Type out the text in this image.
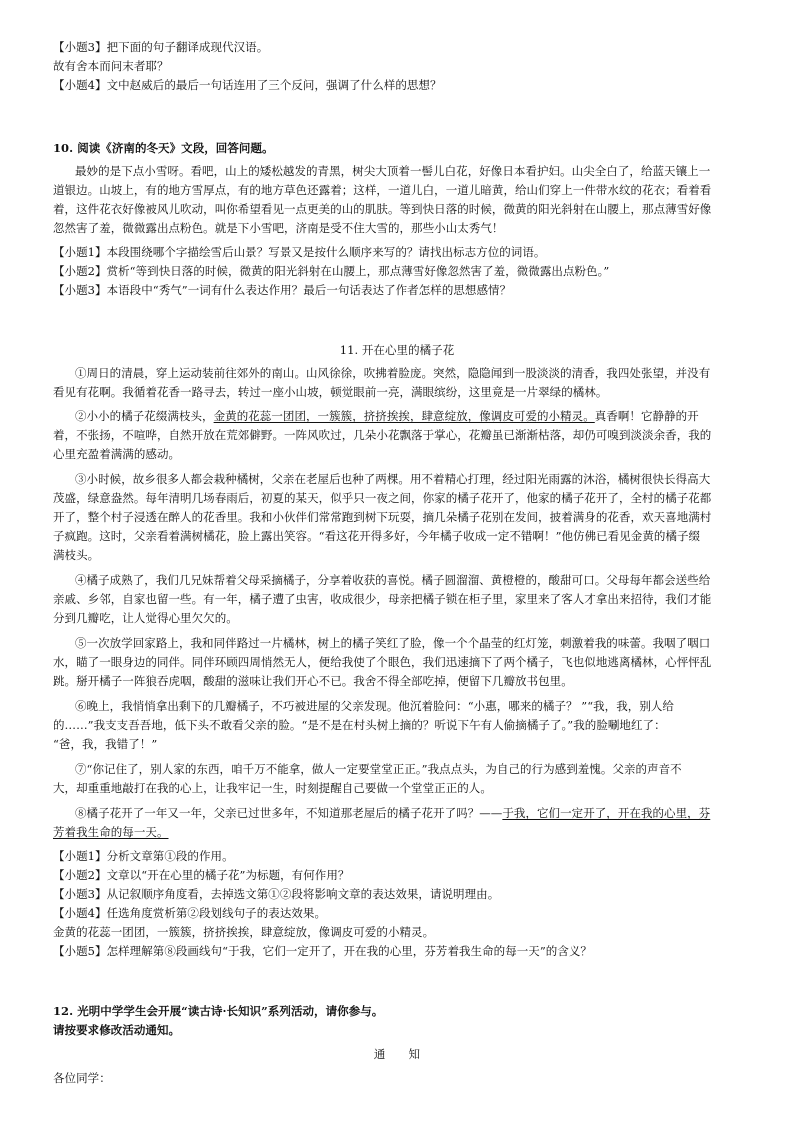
【小题3】把下面的句子翻译成现代汉语。
故有舍本而问末者耶？
【小题4】文中赵威后的最后一句话连用了三个反问，强调了什么样的思想？
10. 阅读《济南的冬天》文段，回答问题。
最妙的是下点小雪呀。看吧，山上的矮松越发的青黑，树尖大顶着一髻儿白花，好像日本看护妇。山尖全白了，给蓝天镶上一
道银边。山坡上，有的地方雪厚点，有的地方草色还露着；这样，一道儿白，一道儿暗黄，给山们穿上一件带水纹的花衣；看着看
着，这件花衣好像被风儿吹动，叫你希望看见一点更美的山的肌肤。等到快日落的时候，微黄的阳光斜射在山腰上，那点薄雪好像
忽然害了羞，微微露出点粉色。就是下小雪吧，济南是受不住大雪的，那些小山太秀气！
【小题1】本段围绕哪个字描绘雪后山景？写景又是按什么顺序来写的？请找出标志方位的词语。
【小题2】赏析“等到快日落的时候，微黄的阳光斜射在山腰上，那点薄雪好像忽然害了羞，微微露出点粉色。”
【小题3】本语段中“秀气”一词有什么表达作用？最后一句话表达了作者怎样的思想感情？
11. 开在心里的橘子花
①周日的清晨，穿上运动装前往郊外的南山。山风徐徐，吹拂着脸庞。突然，隐隐闻到一股淡淡的清香，我四处张望，并没有
看见有花啊。我循着花香一路寻去，转过一座小山坡，顿觉眼前一亮，满眼缤纷，这里竟是一片翠绿的橘林。
②小小的橘子花缀满枝头，金黄的花蕊一团团，一簇簇，挤挤挨挨，肆意绽放，像调皮可爱的小精灵。真香啊！它静静的开
着，不张扬，不喧哗，自然开放在荒郊僻野。一阵风吹过，几朵小花飘落于掌心，花瓣虽已渐渐枯落，却仍可嗅到淡淡余香，我的
心里充盈着满满的感动。
③小时候，故乡很多人都会栽种橘树，父亲在老屋后也种了两棵。用不着精心打理，经过阳光雨露的沐浴，橘树很快长得高大
茂盛，绿意盎然。每年清明几场春雨后，初夏的某天，似乎只一夜之间，你家的橘子花开了，他家的橘子花开了，全村的橘子花都
开了，整个村子浸透在醉人的花香里。我和小伙伴们常常跑到树下玩耍，摘几朵橘子花别在发间，披着满身的花香，欢天喜地满村
子疯跑。这时，父亲看着满树橘花，脸上露出笑容。“看这花开得多好，今年橘子收成一定不错啊！”他仿佛已看见金黄的橘子缀
满枝头。
④橘子成熟了，我们几兄妹帮着父母采摘橘子，分享着收获的喜悦。橘子圆溜溜、黄橙橙的，酸甜可口。父母每年都会送些给
亲戚、乡邻，自家也留一些。有一年，橘子遭了虫害，收成很少，母亲把橘子锁在柜子里，家里来了客人才拿出来招待，我们才能
分到几瓣吃，让人觉得心里欠欠的。
⑤一次放学回家路上，我和同伴路过一片橘林，树上的橘子笑红了脸，像一个个晶莹的红灯笼，刺激着我的味蕾。我咽了咽口
水，瞄了一眼身边的同伴。同伴环顾四周悄然无人，便给我使了个眼色，我们迅速摘下了两个橘子，飞也似地逃离橘林，心怦怦乱
跳。掰开橘子一阵狼吞虎咽，酸甜的滋味让我们开心不已。我舍不得全部吃掉，便留下几瓣放书包里。
⑥晚上，我悄悄拿出剩下的几瓣橘子，不巧被进屋的父亲发现。他沉着脸问：“小惠，哪来的橘子？ ”“我，我，别人给
的……”我支支吾吾地，低下头不敢看父亲的脸。“是不是在村头树上摘的？听说下午有人偷摘橘子了。”我的脸唰地红了：
“爸，我，我错了！”
⑦“你记住了，别人家的东西，咱千万不能拿，做人一定要堂堂正正。”我点点头，为自己的行为感到羞愧。父亲的声音不
大，却重重地敲打在我的心上，让我牢记一生，时刻提醒自己要做一个堂堂正正的人。
⑧橘子花开了一年又一年，父亲已过世多年，不知道那老屋后的橘子花开了吗？——于我，它们一定开了，开在我的心里，芬
芳着我生命的每一天。
【小题1】分析文章第①段的作用。
【小题2】文章以“开在心里的橘子花”为标题，有何作用？
【小题3】从记叙顺序角度看，去掉选文第①②段将影响文章的表达效果，请说明理由。
【小题4】任选角度赏析第②段划线句子的表达效果。
金黄的花蕊一团团，一簇簇，挤挤挨挨，肆意绽放，像调皮可爱的小精灵。
【小题5】怎样理解第⑧段画线句“于我，它们一定开了，开在我的心里，芬芳着我生命的每一天”的含义？
12. 光明中学学生会开展“读古诗·长知识”系列活动，请你参与。
请按要求修改活动通知。
通　　知
各位同学：
